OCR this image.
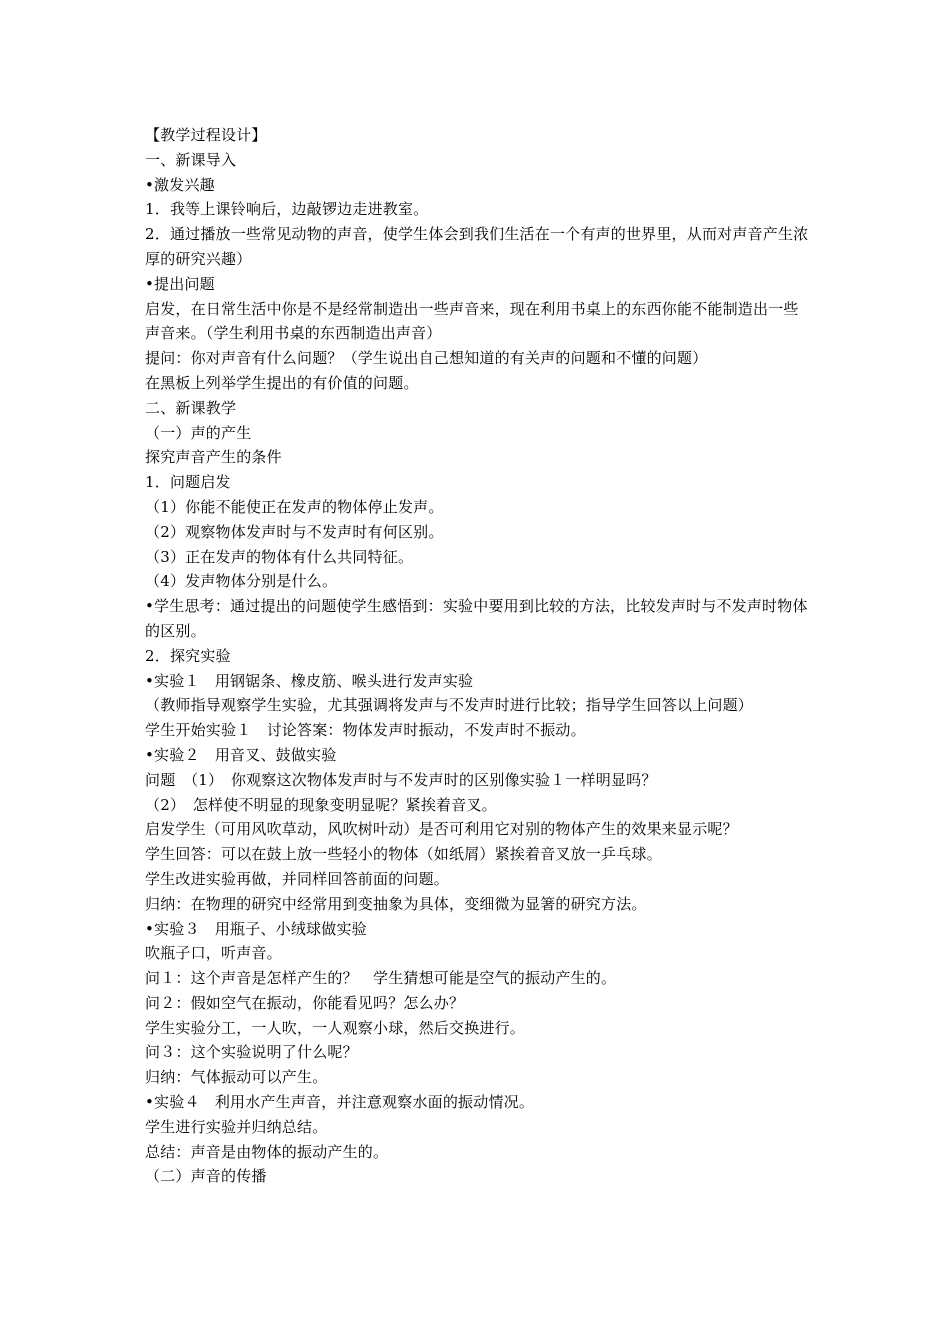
【教学过程设计】

一、新课导入

•激发兴趣

1．我等上课铃响后，边敲锣边走进教室。

2．通过播放一些常见动物的声音，使学生体会到我们生活在一个有声的世界里，从而对声音产生浓厚的研究兴趣）

•提出问题

启发，在日常生活中你是不是经常制造出一些声音来，现在利用书桌上的东西你能不能制造出一些声音来。（学生利用书桌的东西制造出声音）

提问：你对声音有什么问题？（学生说出自己想知道的有关声的问题和不懂的问题）

在黑板上列举学生提出的有价值的问题。

二、新课教学

（一）声的产生

探究声音产生的条件

1．问题启发

（1）你能不能使正在发声的物体停止发声。

（2）观察物体发声时与不发声时有何区别。

（3）正在发声的物体有什么共同特征。

（4）发声物体分别是什么。

•学生思考：通过提出的问题使学生感悟到：实验中要用到比较的方法，比较发声时与不发声时物体的区别。

2．探究实验

•实验１　用钢锯条、橡皮筋、喉头进行发声实验

（教师指导观察学生实验，尤其强调将发声与不发声时进行比较；指导学生回答以上问题）

学生开始实验１　讨论答案：物体发声时振动，不发声时不振动。

•实验２　用音叉、鼓做实验

问题　（1）　你观察这次物体发声时与不发声时的区别像实验１一样明显吗？

（2）　怎样使不明显的现象变明显呢？紧挨着音叉。

启发学生（可用风吹草动，风吹树叶动）是否可利用它对别的物体产生的效果来显示呢？

学生回答：可以在鼓上放一些轻小的物体（如纸屑）紧挨着音叉放一乒乓球。

学生改进实验再做，并同样回答前面的问题。

归纳：在物理的研究中经常用到变抽象为具体，变细微为显箸的研究方法。

•实验３　用瓶子、小绒球做实验

吹瓶子口，听声音。

问１：这个声音是怎样产生的？　学生猜想可能是空气的振动产生的。

问２：假如空气在振动，你能看见吗？怎么办？

学生实验分工，一人吹，一人观察小球，然后交换进行。

问３：这个实验说明了什么呢？

归纳：气体振动可以产生。

•实验４　利用水产生声音，并注意观察水面的振动情况。

学生进行实验并归纳总结。

总结：声音是由物体的振动产生的。

（二）声音的传播
